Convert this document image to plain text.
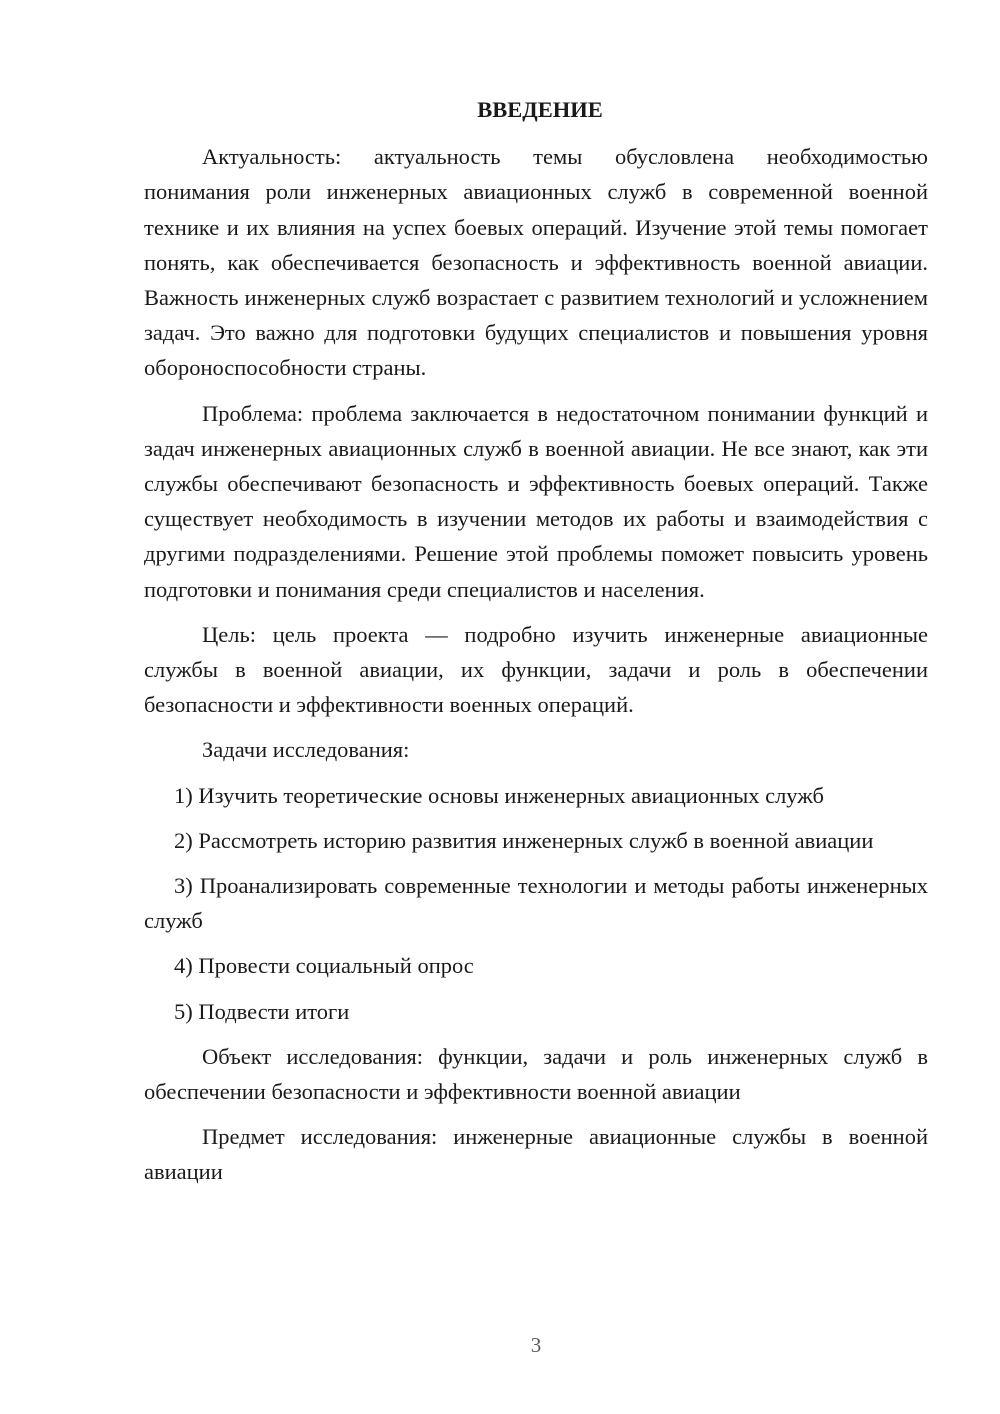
ВВЕДЕНИЕ

Актуальность: актуальность темы обусловлена необходимостью понимания роли инженерных авиационных служб в современной военной технике и их влияния на успех боевых операций. Изучение этой темы помогает понять, как обеспечивается безопасность и эффективность военной авиации. Важность инженерных служб возрастает с развитием технологий и усложнением задач. Это важно для подготовки будущих специалистов и повышения уровня обороноспособности страны.

Проблема: проблема заключается в недостаточном понимании функций и задач инженерных авиационных служб в военной авиации. Не все знают, как эти службы обеспечивают безопасность и эффективность боевых операций. Также существует необходимость в изучении методов их работы и взаимодействия с другими подразделениями. Решение этой проблемы поможет повысить уровень подготовки и понимания среди специалистов и населения.

Цель: цель проекта — подробно изучить инженерные авиационные службы в военной авиации, их функции, задачи и роль в обеспечении безопасности и эффективности военных операций.

Задачи исследования:

1) Изучить теоретические основы инженерных авиационных служб

2) Рассмотреть историю развития инженерных служб в военной авиации

3) Проанализировать современные технологии и методы работы инженерных служб

4) Провести социальный опрос

5) Подвести итоги

Объект исследования: функции, задачи и роль инженерных служб в обеспечении безопасности и эффективности военной авиации

Предмет исследования: инженерные авиационные службы в военной авиации

3
